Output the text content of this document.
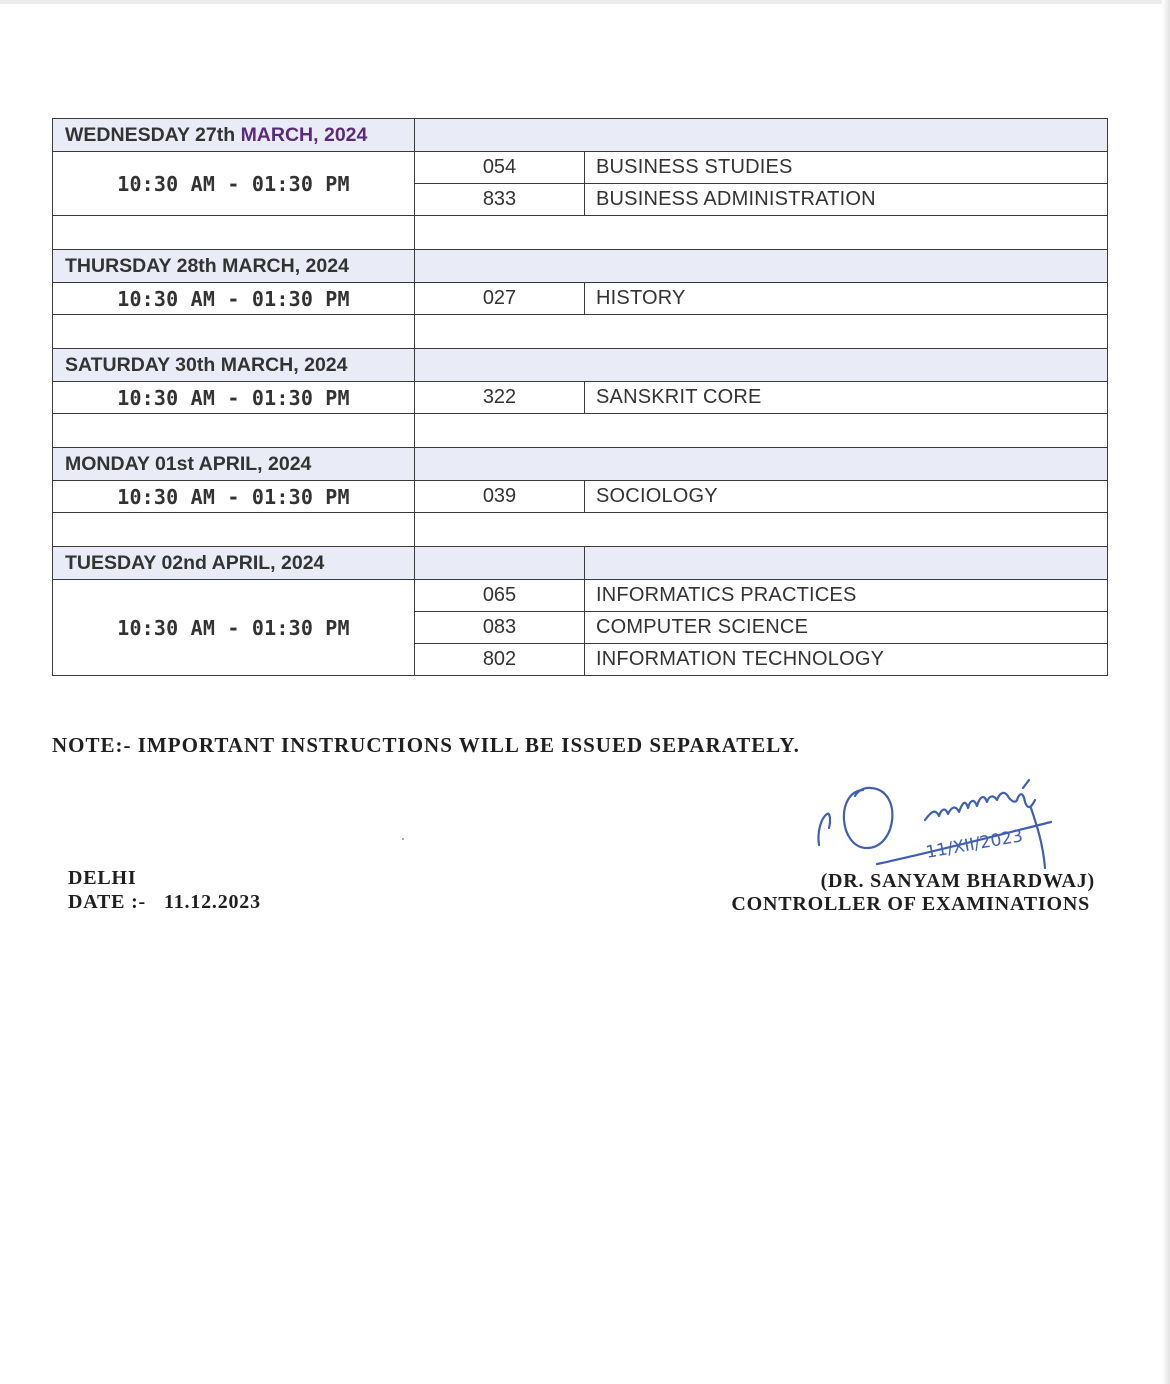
WEDNESDAY 27th MARCH, 2024		
10:30 AM - 01:30 PM	054	BUSINESS STUDIES
	833	BUSINESS ADMINISTRATION

THURSDAY 28th MARCH, 2024		
10:30 AM - 01:30 PM	027	HISTORY

SATURDAY 30th MARCH, 2024		
10:30 AM - 01:30 PM	322	SANSKRIT CORE

MONDAY 01st APRIL, 2024		
10:30 AM - 01:30 PM	039	SOCIOLOGY

TUESDAY 02nd APRIL, 2024		
10:30 AM - 01:30 PM	065	INFORMATICS PRACTICES
	083	COMPUTER SCIENCE
	802	INFORMATION TECHNOLOGY
NOTE:- IMPORTANT INSTRUCTIONS WILL BE ISSUED SEPARATELY.
DELHI
DATE :- 11.12.2023
11/XII/2023
(DR. SANYAM BHARDWAJ)
CONTROLLER OF EXAMINATIONS
